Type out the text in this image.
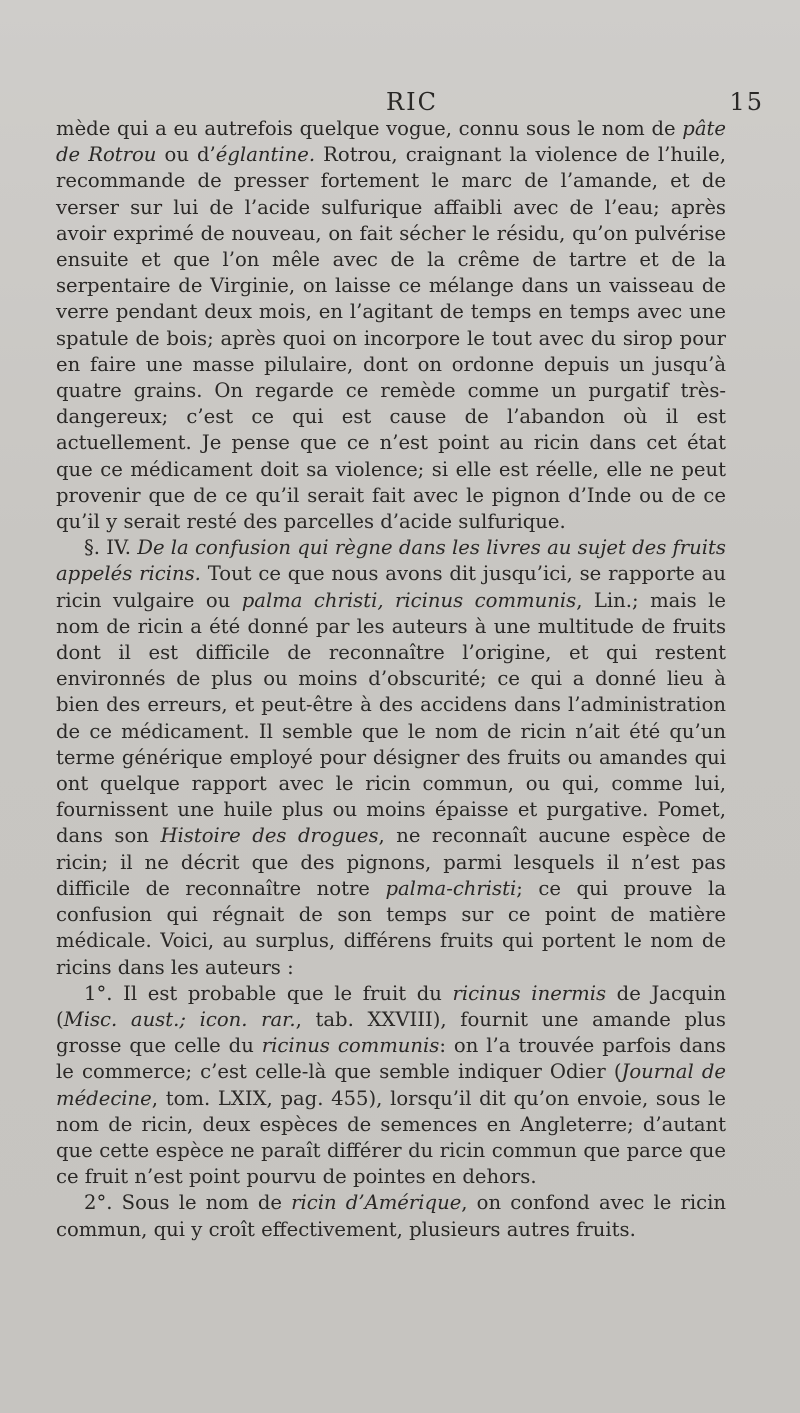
RIC	15

mède qui a eu autrefois quelque vogue, connu sous le nom de pâte de Rotrou ou d’églantine. Rotrou, craignant la violence de l’huile, recommande de presser fortement le marc de l’amande, et de verser sur lui de l’acide sulfurique affaibli avec de l’eau; après avoir exprimé de nouveau, on fait sécher le résidu, qu’on pulvérise ensuite et que l’on mêle avec de la crême de tartre et de la serpentaire de Virginie, on laisse ce mélange dans un vaisseau de verre pendant deux mois, en l’agitant de temps en temps avec une spatule de bois; après quoi on incorpore le tout avec du sirop pour en faire une masse pilulaire, dont on ordonne depuis un jusqu’à quatre grains. On regarde ce remède comme un purgatif très-dangereux; c’est ce qui est cause de l’abandon où il est actuellement. Je pense que ce n’est point au ricin dans cet état que ce médicament doit sa violence; si elle est réelle, elle ne peut provenir que de ce qu’il serait fait avec le pignon d’Inde ou de ce qu’il y serait resté des parcelles d’acide sulfurique.

§. IV. De la confusion qui règne dans les livres au sujet des fruits appelés ricins. Tout ce que nous avons dit jusqu’ici, se rapporte au ricin vulgaire ou palma christi, ricinus communis, Lin.; mais le nom de ricin a été donné par les auteurs à une multitude de fruits dont il est difficile de reconnaître l’origine, et qui restent environnés de plus ou moins d’obscurité; ce qui a donné lieu à bien des erreurs, et peut-être à des accidens dans l’administration de ce médicament. Il semble que le nom de ricin n’ait été qu’un terme générique employé pour désigner des fruits ou amandes qui ont quelque rapport avec le ricin commun, ou qui, comme lui, fournissent une huile plus ou moins épaisse et purgative. Pomet, dans son Histoire des drogues, ne reconnaît aucune espèce de ricin; il ne décrit que des pignons, parmi lesquels il n’est pas difficile de reconnaître notre palma-christi; ce qui prouve la confusion qui régnait de son temps sur ce point de matière médicale. Voici, au surplus, différens fruits qui portent le nom de ricins dans les auteurs :

1°. Il est probable que le fruit du ricinus inermis de Jacquin (Misc. aust.; icon. rar., tab. XXVIII), fournit une amande plus grosse que celle du ricinus communis: on l’a trouvée parfois dans le commerce; c’est celle-là que semble indiquer Odier (Journal de médecine, tom. LXIX, pag. 455), lorsqu’il dit qu’on envoie, sous le nom de ricin, deux espèces de semences en Angleterre; d’autant que cette espèce ne paraît différer du ricin commun que parce que ce fruit n’est point pourvu de pointes en dehors.

2°. Sous le nom de ricin d’Amérique, on confond avec le ricin commun, qui y croît effectivement, plusieurs autres fruits.
